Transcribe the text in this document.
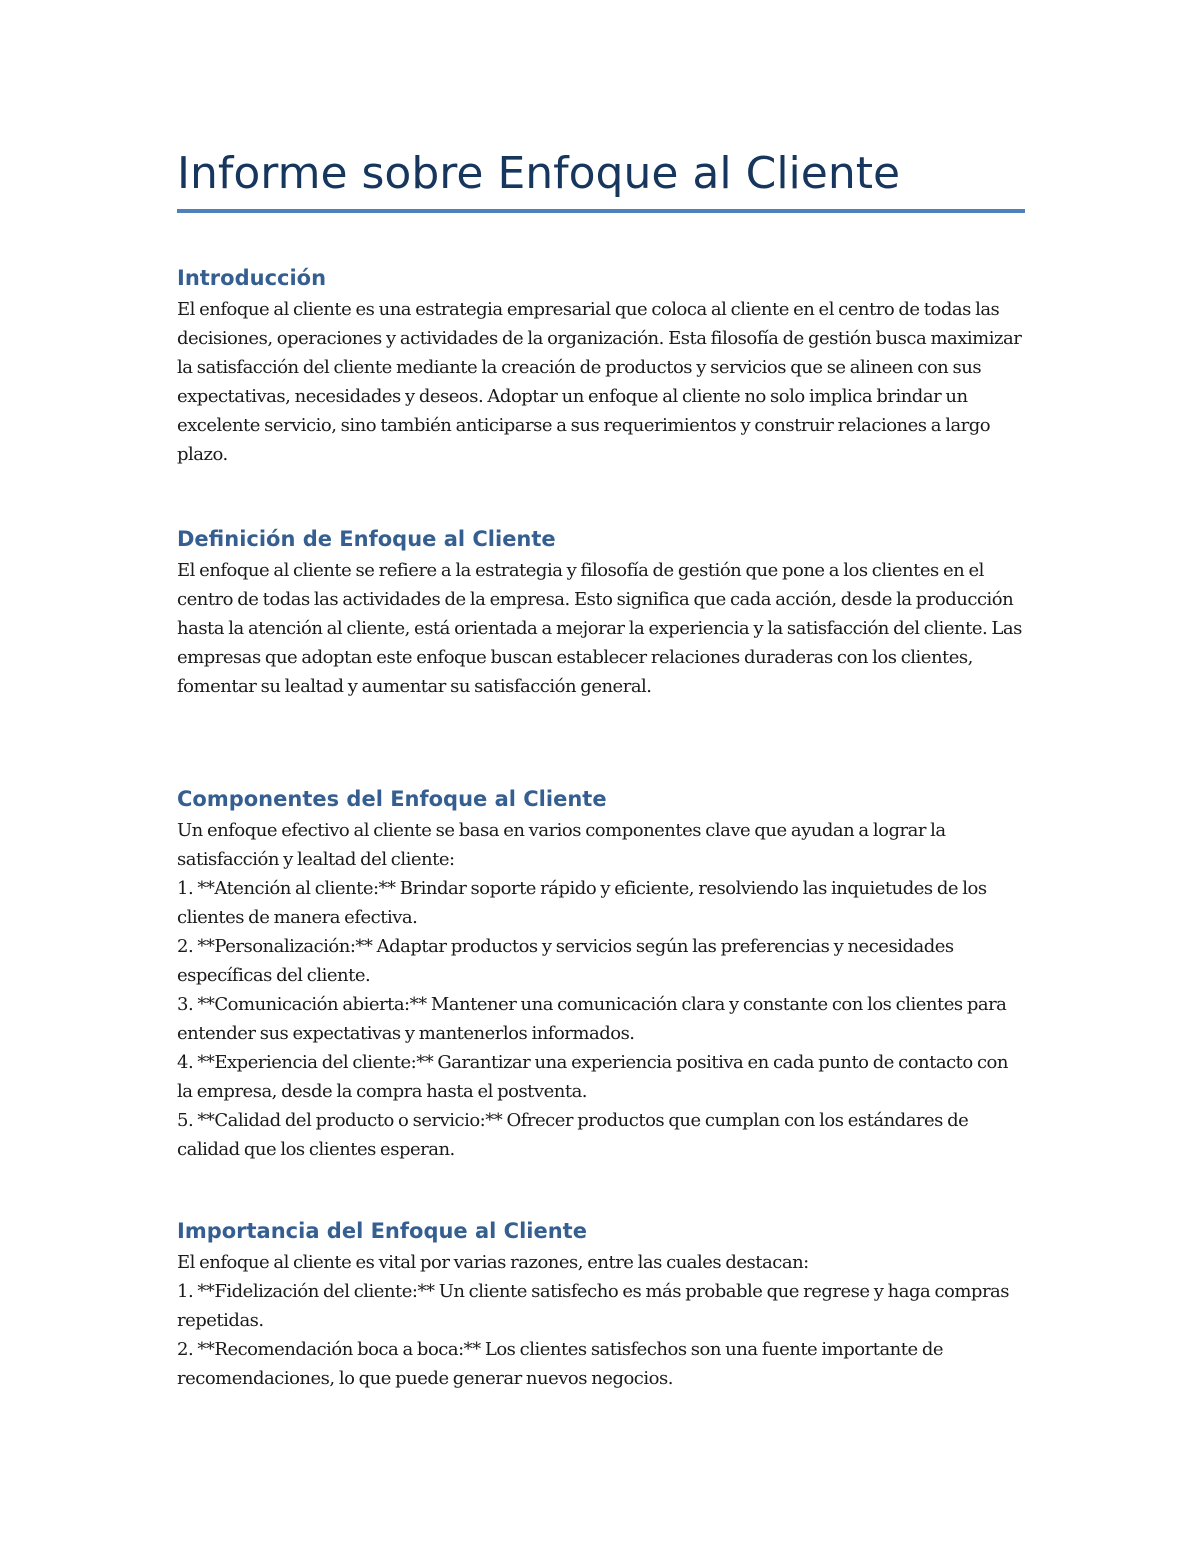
Informe sobre Enfoque al Cliente
Introducción

El enfoque al cliente es una estrategia empresarial que coloca al cliente en el centro de todas las decisiones, operaciones y actividades de la organización. Esta filosofía de gestión busca maximizar la satisfacción del cliente mediante la creación de productos y servicios que se alineen con sus expectativas, necesidades y deseos. Adoptar un enfoque al cliente no solo implica brindar un excelente servicio, sino también anticiparse a sus requerimientos y construir relaciones a largo plazo.

Definición de Enfoque al Cliente

El enfoque al cliente se refiere a la estrategia y filosofía de gestión que pone a los clientes en el centro de todas las actividades de la empresa. Esto significa que cada acción, desde la producción hasta la atención al cliente, está orientada a mejorar la experiencia y la satisfacción del cliente. Las empresas que adoptan este enfoque buscan establecer relaciones duraderas con los clientes, fomentar su lealtad y aumentar su satisfacción general.

Componentes del Enfoque al Cliente

Un enfoque efectivo al cliente se basa en varios componentes clave que ayudan a lograr la satisfacción y lealtad del cliente:

1. **Atención al cliente:** Brindar soporte rápido y eficiente, resolviendo las inquietudes de los clientes de manera efectiva.
2. **Personalización:** Adaptar productos y servicios según las preferencias y necesidades específicas del cliente.
3. **Comunicación abierta:** Mantener una comunicación clara y constante con los clientes para entender sus expectativas y mantenerlos informados.
4. **Experiencia del cliente:** Garantizar una experiencia positiva en cada punto de contacto con la empresa, desde la compra hasta el postventa.
5. **Calidad del producto o servicio:** Ofrecer productos que cumplan con los estándares de calidad que los clientes esperan.
Importancia del Enfoque al Cliente

El enfoque al cliente es vital por varias razones, entre las cuales destacan:

1. **Fidelización del cliente:** Un cliente satisfecho es más probable que regrese y haga compras repetidas.
2. **Recomendación boca a boca:** Los clientes satisfechos son una fuente importante de recomendaciones, lo que puede generar nuevos negocios.
